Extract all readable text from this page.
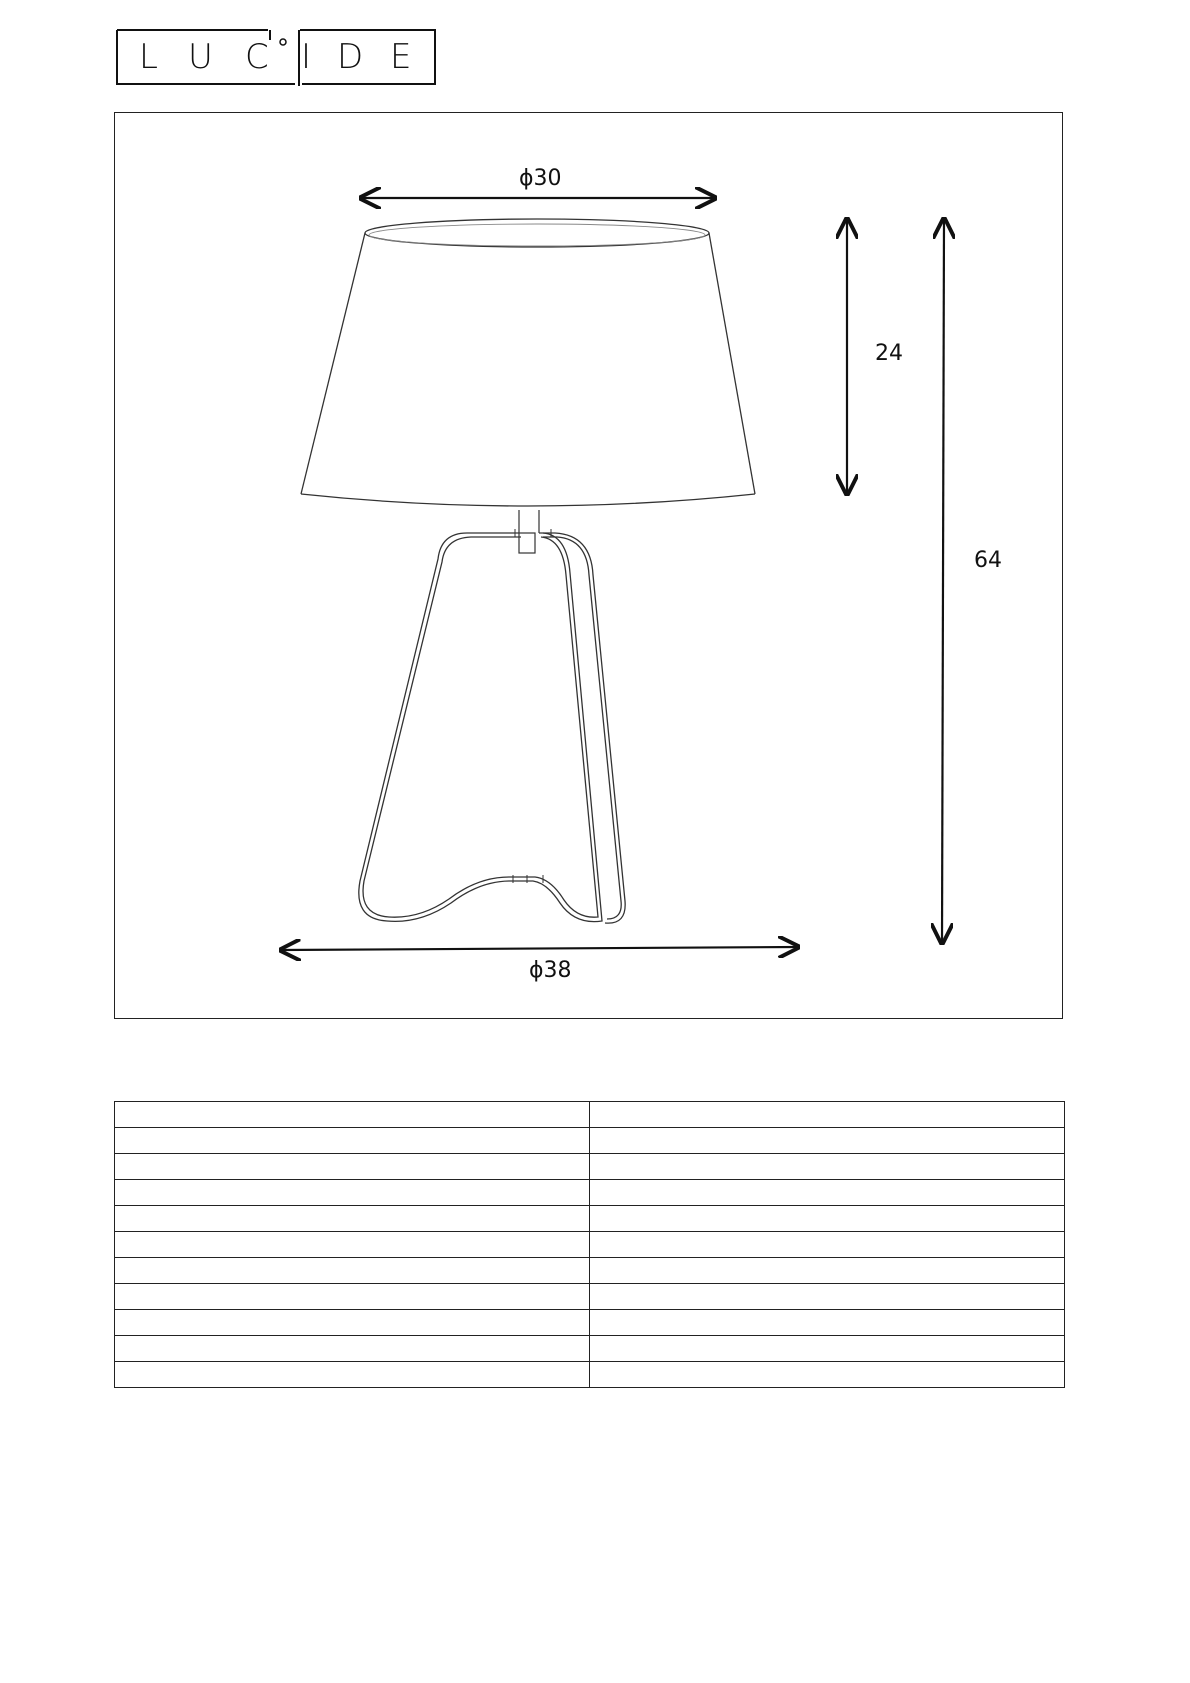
L U C I D E
ϕ30
24
64
ϕ38
